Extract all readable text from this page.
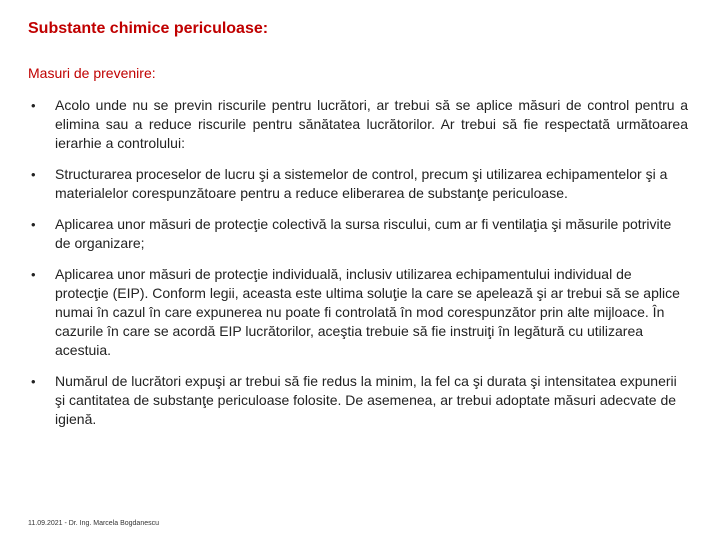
Substante chimice periculoase:
Masuri de prevenire:
• Acolo unde nu se previn riscurile pentru lucrători, ar trebui să se aplice măsuri de control pentru a elimina sau a reduce riscurile pentru sănătatea lucrătorilor. Ar trebui să fie respectată următoarea ierarhie a controlului:
• Structurarea proceselor de lucru şi a sistemelor de control, precum şi utilizarea echipamentelor şi a materialelor corespunzătoare pentru a reduce eliberarea de substanţe periculoase.
• Aplicarea unor măsuri de protecţie colectivă la sursa riscului, cum ar fi ventilaţia şi măsurile potrivite de organizare;
• Aplicarea unor măsuri de protecţie individuală, inclusiv utilizarea echipamentului individual de protecţie (EIP). Conform legii, aceasta este ultima soluţie la care se apelează şi ar trebui să se aplice numai în cazul în care expunerea nu poate fi controlată în mod corespunzător prin alte mijloace. În cazurile în care se acordă EIP lucrătorilor, aceştia trebuie să fie instruiţi în legătură cu utilizarea acestuia.
• Numărul de lucrători expuşi ar trebui să fie redus la minim, la fel ca şi durata şi intensitatea expunerii şi cantitatea de substanţe periculoase folosite. De asemenea, ar trebui adoptate măsuri adecvate de igienă.
11.09.2021 - Dr. Ing. Marcela Bogdanescu
